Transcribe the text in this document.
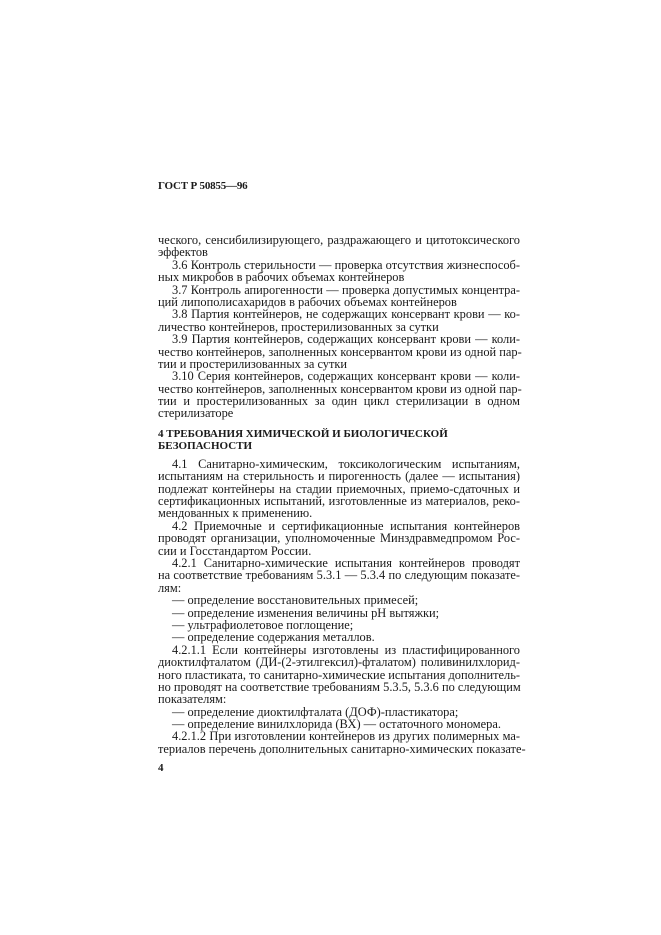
ГОСТ Р 50855—96
ческого, сенсибилизирующего, раздражающего и цитотоксического
эффектов
3.6 Контроль стерильности — проверка отсутствия жизнеспособ-
ных микробов в рабочих объемах контейнеров
3.7 Контроль апирогенности — проверка допустимых концентра-
ций липополисахаридов в рабочих объемах контейнеров
3.8 Партия контейнеров, не содержащих консервант крови — ко-
личество контейнеров, простерилизованных за сутки
3.9 Партия контейнеров, содержащих консервант крови — коли-
чество контейнеров, заполненных консервантом крови из одной пар-
тии и простерилизованных за сутки
3.10 Серия контейнеров, содержащих консервант крови — коли-
чество контейнеров, заполненных консервантом крови из одной пар-
тии и простерилизованных за один цикл стерилизации в одном
стерилизаторе
4 ТРЕБОВАНИЯ ХИМИЧЕСКОЙ И БИОЛОГИЧЕСКОЙ
БЕЗОПАСНОСТИ
4.1 Санитарно-химическим, токсикологическим испытаниям,
испытаниям на стерильность и пирогенность (далее — испытания)
подлежат контейнеры на стадии приемочных, приемо-сдаточных и
сертификационных испытаний, изготовленные из материалов, реко-
мендованных к применению.
4.2 Приемочные и сертификационные испытания контейнеров
проводят организации, уполномоченные Минздравмедпромом Рос-
сии и Госстандартом России.
4.2.1 Санитарно-химические испытания контейнеров проводят
на соответствие требованиям 5.3.1 — 5.3.4 по следующим показате-
лям:
— определение восстановительных примесей;
— определение изменения величины pH вытяжки;
— ультрафиолетовое поглощение;
— определение содержания металлов.
4.2.1.1 Если контейнеры изготовлены из пластифицированного
диоктилфталатом (ДИ-(2-этилгексил)-фталатом) поливинилхлорид-
ного пластиката, то санитарно-химические испытания дополнитель-
но проводят на соответствие требованиям 5.3.5, 5.3.6 по следующим
показателям:
— определение диоктилфталата (ДОФ)-пластикатора;
— определение винилхлорида (ВХ) — остаточного мономера.
4.2.1.2 При изготовлении контейнеров из других полимерных ма-
териалов перечень дополнительных санитарно-химических показате-
4
